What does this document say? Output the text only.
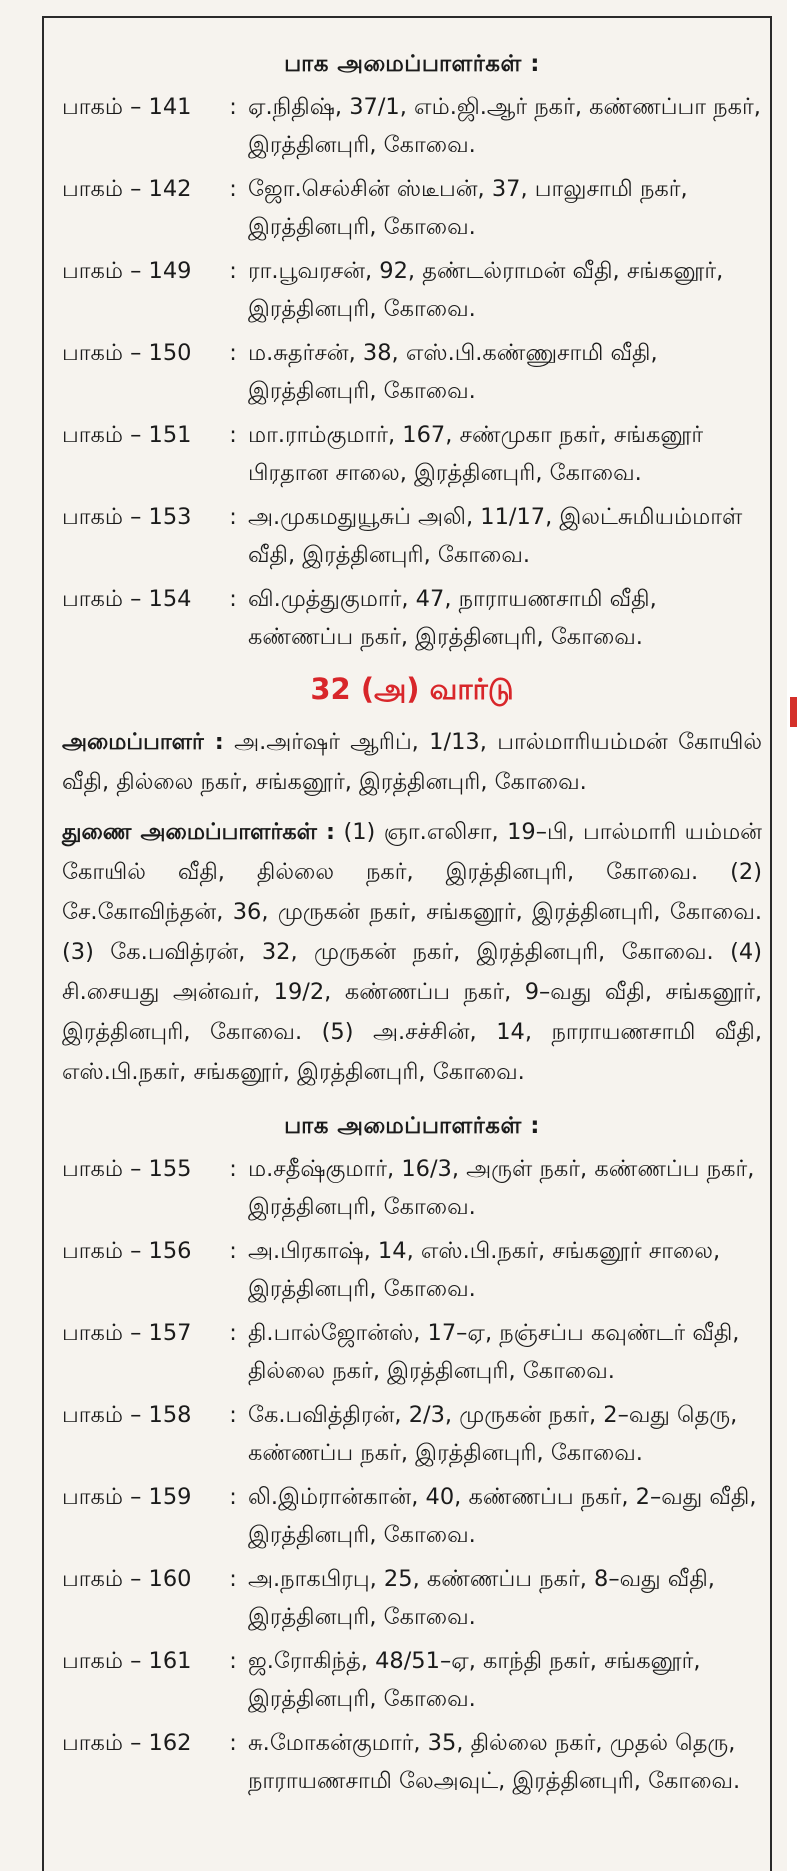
பாக அமைப்பாளர்கள் :
பாகம் – 141	: ஏ.நிதிஷ், 37/1, எம்.ஜி.ஆர் நகர், கண்ணப்பா நகர், இரத்தினபுரி, கோவை.
பாகம் – 142	: ஜோ.செல்சின் ஸ்டீபன், 37, பாலுசாமி நகர், இரத்தினபுரி, கோவை.
பாகம் – 149	: ரா.பூவரசன், 92, தண்டல்ராமன் வீதி, சங்கனூர், இரத்தினபுரி, கோவை.
பாகம் – 150	: ம.சுதர்சன், 38, எஸ்.பி.கண்ணுசாமி வீதி, இரத்தினபுரி, கோவை.
பாகம் – 151	: மா.ராம்குமார், 167, சண்முகா நகர், சங்கனூர் பிரதான சாலை, இரத்தினபுரி, கோவை.
பாகம் – 153	: அ.முகமதுயூசுப் அலி, 11/17, இலட்சுமியம்மாள் வீதி, இரத்தினபுரி, கோவை.
பாகம் – 154	: வி.முத்துகுமார், 47, நாராயணசாமி வீதி, கண்ணப்ப நகர், இரத்தினபுரி, கோவை.
32 (அ) வார்டு
அமைப்பாளர் : அ.அர்ஷர் ஆரிப், 1/13, பால்மாரியம்மன் கோயில் வீதி, தில்லை நகர், சங்கனூர், இரத்தினபுரி, கோவை.
துணை அமைப்பாளர்கள் : (1) ஞா.எலிசா, 19–பி, பால்மாரி யம்மன் கோயில் வீதி, தில்லை நகர், இரத்தினபுரி, கோவை. (2) சே.கோவிந்தன், 36, முருகன் நகர், சங்கனூர், இரத்தினபுரி, கோவை. (3) கே.பவித்ரன், 32, முருகன் நகர், இரத்தினபுரி, கோவை. (4) சி.சையது அன்வர், 19/2, கண்ணப்ப நகர், 9–வது வீதி, சங்கனூர், இரத்தினபுரி, கோவை. (5) அ.சச்சின், 14, நாராயணசாமி வீதி, எஸ்.பி.நகர், சங்கனூர், இரத்தினபுரி, கோவை.
பாக அமைப்பாளர்கள் :
பாகம் – 155	: ம.சதீஷ்குமார், 16/3, அருள் நகர், கண்ணப்ப நகர், இரத்தினபுரி, கோவை.
பாகம் – 156	: அ.பிரகாஷ், 14, எஸ்.பி.நகர், சங்கனூர் சாலை, இரத்தினபுரி, கோவை.
பாகம் – 157	: தி.பால்ஜோன்ஸ், 17–ஏ, நஞ்சப்ப கவுண்டர் வீதி, தில்லை நகர், இரத்தினபுரி, கோவை.
பாகம் – 158	: கே.பவித்திரன், 2/3, முருகன் நகர், 2–வது தெரு, கண்ணப்ப நகர், இரத்தினபுரி, கோவை.
பாகம் – 159	: லி.இம்ரான்கான், 40, கண்ணப்ப நகர், 2–வது வீதி, இரத்தினபுரி, கோவை.
பாகம் – 160	: அ.நாகபிரபு, 25, கண்ணப்ப நகர், 8–வது வீதி, இரத்தினபுரி, கோவை.
பாகம் – 161	: ஜ.ரோகிந்த், 48/51–ஏ, காந்தி நகர், சங்கனூர், இரத்தினபுரி, கோவை.
பாகம் – 162	: சு.மோகன்குமார், 35, தில்லை நகர், முதல் தெரு, நாராயணசாமி லேஅவுட், இரத்தினபுரி, கோவை.
